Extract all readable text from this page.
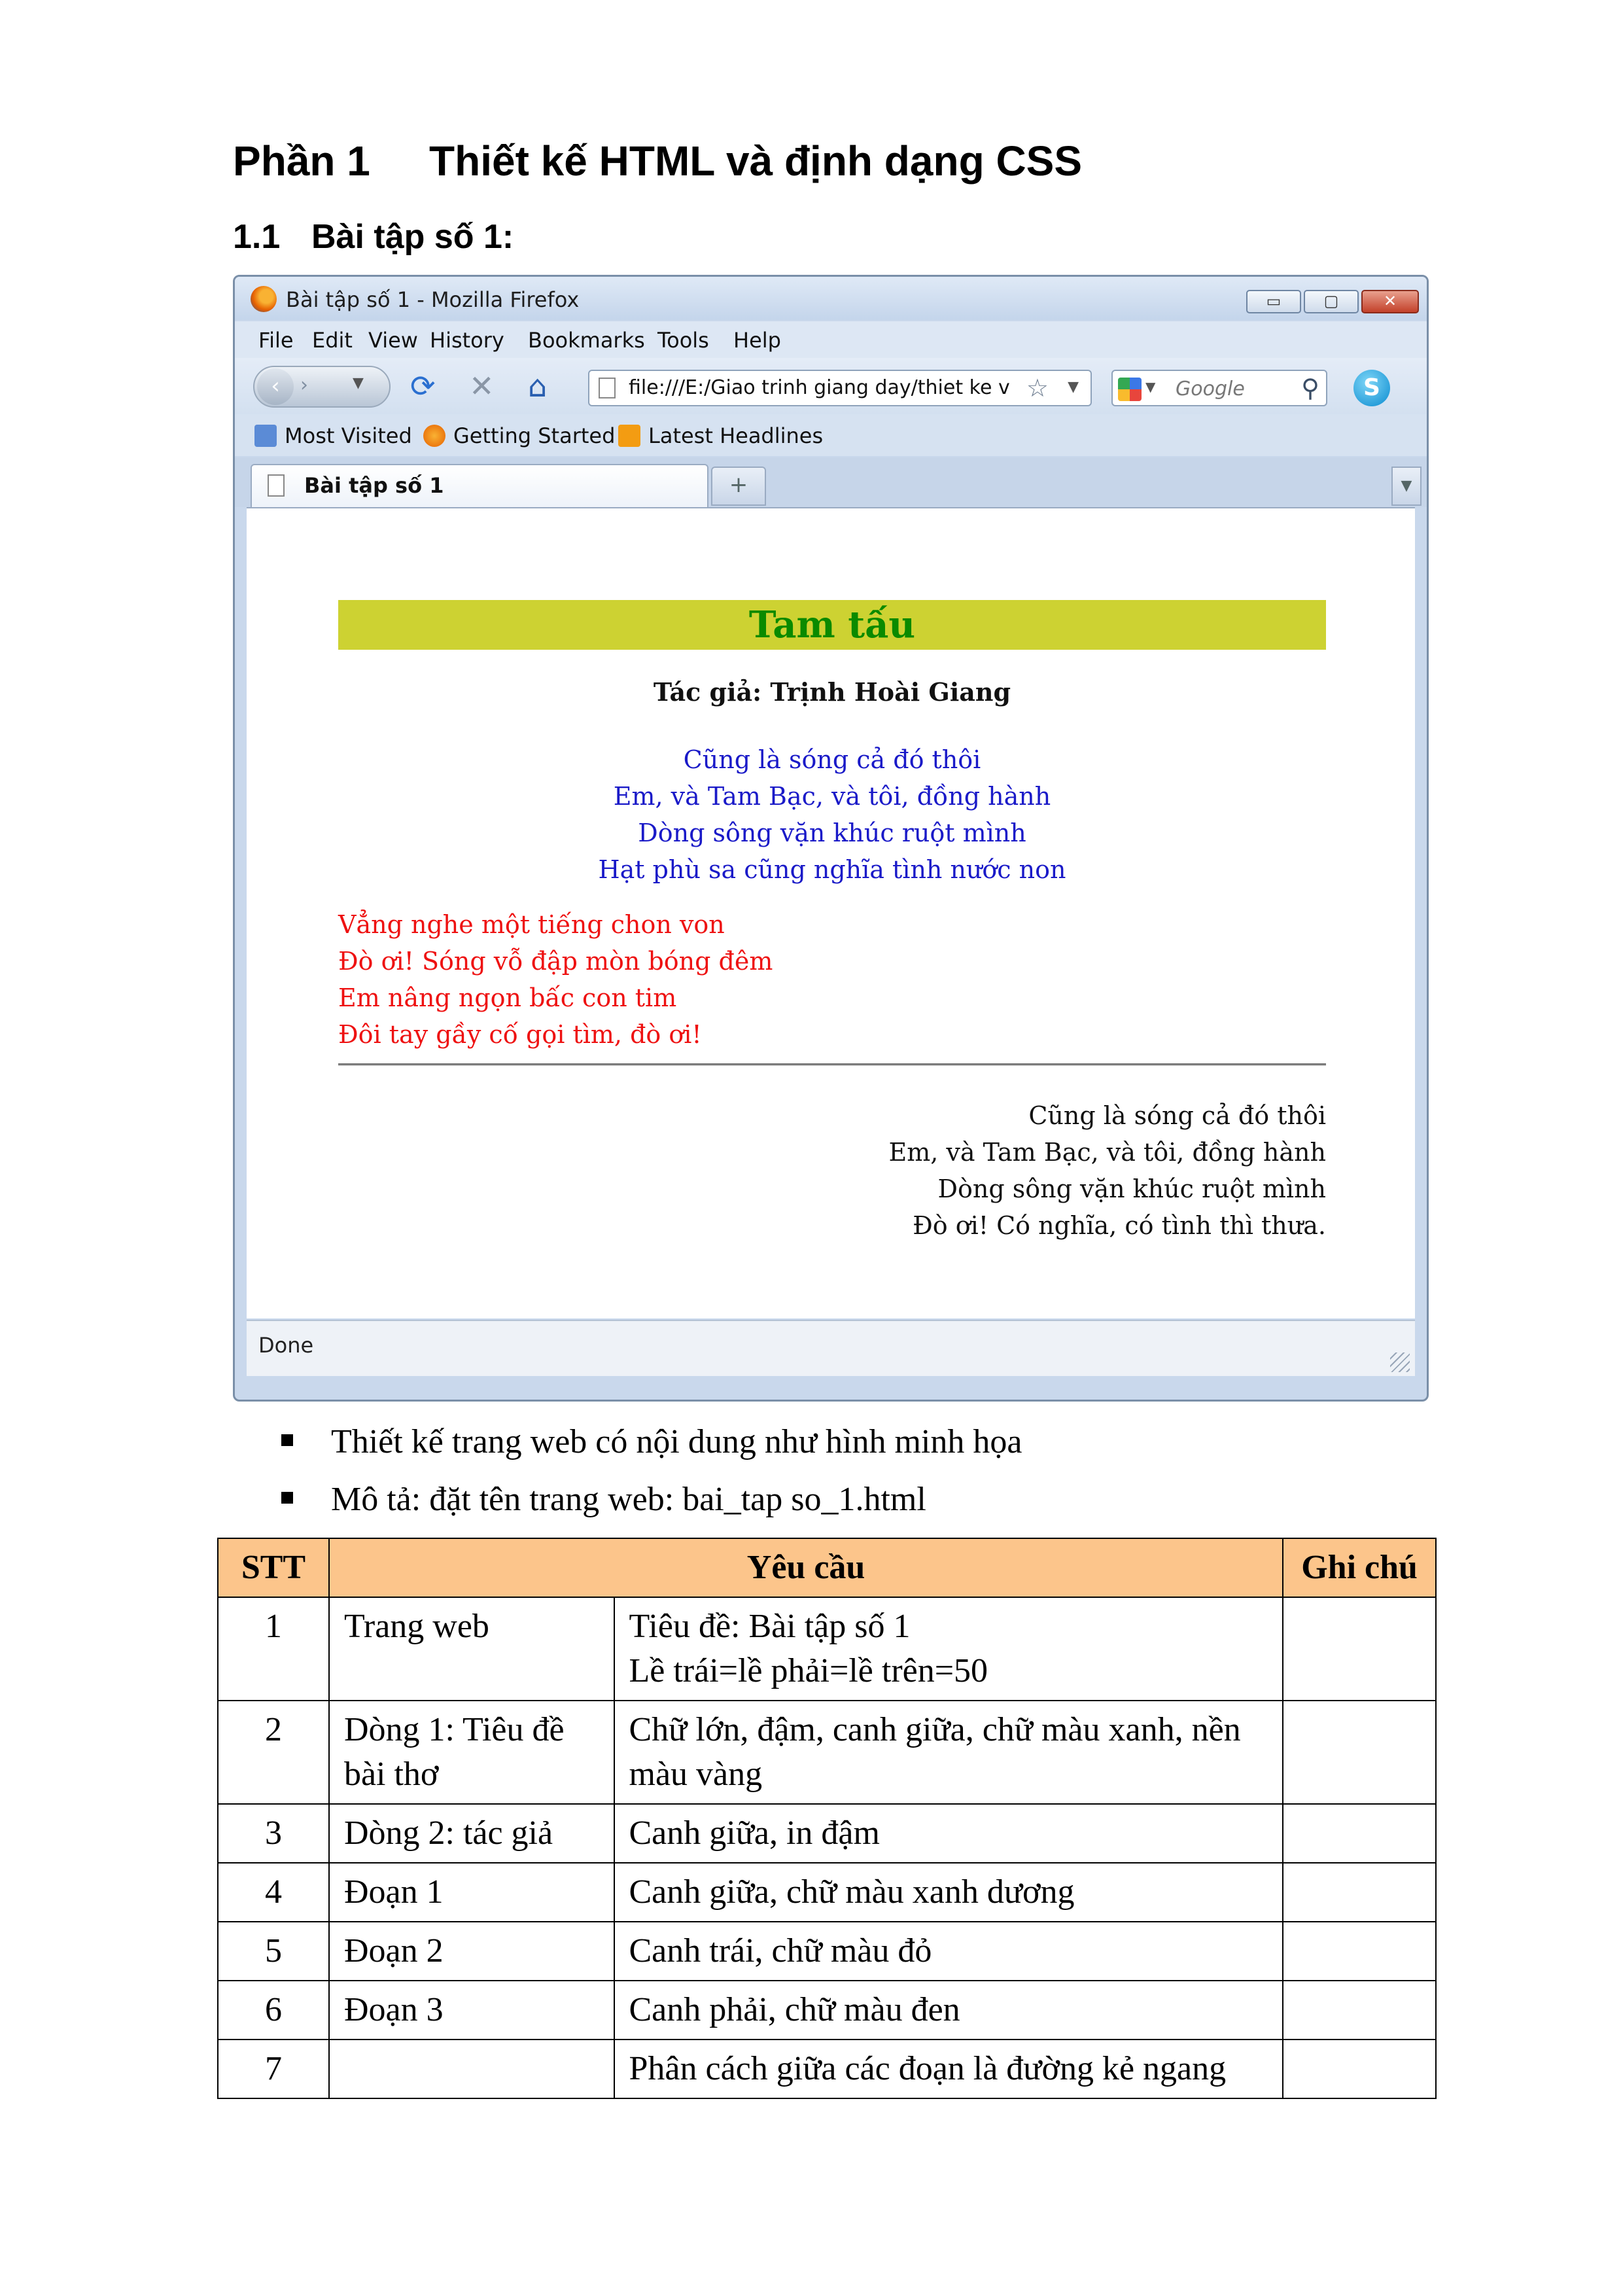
Phần 1 Thiết kế HTML và định dạng CSS
1.1 Bài tập số 1:
Bài tập số 1 - Mozilla Firefox	▭	▢	✕
File Edit View History Bookmarks Tools Help
‹	›	▼ ⟳ ✕ ⌂	file:///E:/Giao trinh giang day/thiet ke v ☆ ▼	▼ Google ⚲	S
Most Visited	Getting Started	Latest Headlines
Bài tập số 1	+	▼
Tam tấu
Tác giả: Trịnh Hoài Giang
Cũng là sóng cả đó thôi
Em, và Tam Bạc, và tôi, đồng hành
Dòng sông vặn khúc ruột mình
Hạt phù sa cũng nghĩa tình nước non
Vẳng nghe một tiếng chon von
Đò ơi! Sóng vỗ đập mòn bóng đêm
Em nâng ngọn bấc con tim
Đôi tay gầy cố gọi tìm, đò ơi!
Cũng là sóng cả đó thôi
Em, và Tam Bạc, và tôi, đồng hành
Dòng sông vặn khúc ruột mình
Đò ơi! Có nghĩa, có tình thì thưa.
Done
Thiết kế trang web có nội dung như hình minh họa
Mô tả: đặt tên trang web: bai_tap so_1.html
STT	Yêu cầu		Ghi chú
1	Trang web	Tiêu đề: Bài tập số 1
Lề trái=lề phải=lề trên=50	

2	Dòng 1: Tiêu đề bài thơ	Chữ lớn, đậm, canh giữa, chữ màu xanh, nền màu vàng	
3	Dòng 2: tác giả	Canh giữa, in đậm	
4	Đoạn 1	Canh giữa, chữ màu xanh dương	
5	Đoạn 2	Canh trái, chữ màu đỏ	
6	Đoạn 3	Canh phải, chữ màu đen	
7		Phân cách giữa các đoạn là đường kẻ ngang	
